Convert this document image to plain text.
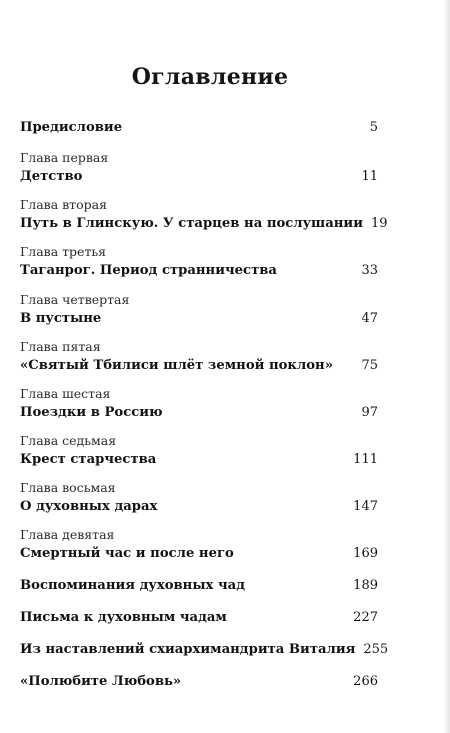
Оглавление
Предисловие	5
Глава первая
Детство	11
Глава вторая
Путь в Глинскую. У старцев на послушании 19
Глава третья
Таганрог. Период странничества	33
Глава четвертая
В пустыне	47
Глава пятая
«Святый Тбилиси шлёт земной поклон» 75
Глава шестая
Поездки в Россию	97
Глава седьмая
Крест старчества	111
Глава восьмая
О духовных дарах	147
Глава девятая
Смертный час и после него	169
Воспоминания духовных чад	189
Письма к духовным чадам	227
Из наставлений схиархимандрита Виталия 255
«Полюбите Любовь»	266
